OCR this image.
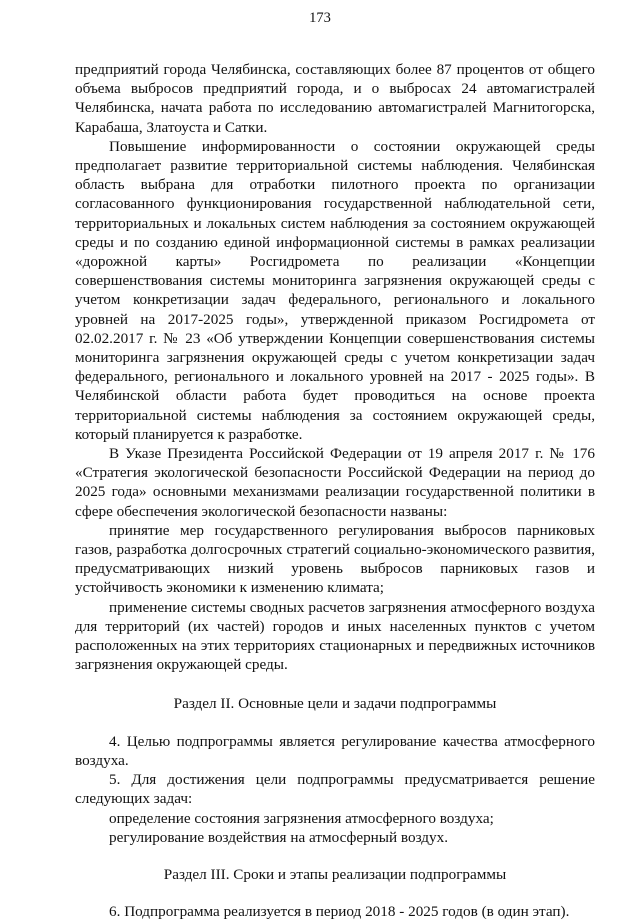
173

предприятий города Челябинска, составляющих более 87 процентов от общего объема выбросов предприятий города, и о выбросах 24 автомагистралей Челябинска, начата работа по исследованию автомагистралей Магнитогорска, Карабаша, Златоуста и Сатки.

Повышение информированности о состоянии окружающей среды предполагает развитие территориальной системы наблюдения. Челябинская область выбрана для отработки пилотного проекта по организации согласованного функционирования государственной наблюдательной сети, территориальных и локальных систем наблюдения за состоянием окружающей среды и по созданию единой информационной системы в рамках реализации «дорожной карты» Росгидромета по реализации «Концепции совершенствования системы мониторинга загрязнения окружающей среды с учетом конкретизации задач федерального, регионального и локального уровней на 2017-2025 годы», утвержденной приказом Росгидромета от 02.02.2017 г. № 23 «Об утверждении Концепции совершенствования системы мониторинга загрязнения окружающей среды с учетом конкретизации задач федерального, регионального и локального уровней на 2017 - 2025 годы». В Челябинской области работа будет проводиться на основе проекта территориальной системы наблюдения за состоянием окружающей среды, который планируется к разработке.

В Указе Президента Российской Федерации от 19 апреля 2017 г. № 176 «Стратегия экологической безопасности Российской Федерации на период до 2025 года» основными механизмами реализации государственной политики в сфере обеспечения экологической безопасности названы:

принятие мер государственного регулирования выбросов парниковых газов, разработка долгосрочных стратегий социально-экономического развития, предусматривающих низкий уровень выбросов парниковых газов и устойчивость экономики к изменению климата;

применение системы сводных расчетов загрязнения атмосферного воздуха для территорий (их частей) городов и иных населенных пунктов с учетом расположенных на этих территориях стационарных и передвижных источников загрязнения окружающей среды.

Раздел II. Основные цели и задачи подпрограммы

4. Целью подпрограммы является регулирование качества атмосферного воздуха.

5. Для достижения цели подпрограммы предусматривается решение следующих задач:

определение состояния загрязнения атмосферного воздуха;

регулирование воздействия на атмосферный воздух.

Раздел III. Сроки и этапы реализации подпрограммы

6. Подпрограмма реализуется в период 2018 - 2025 годов (в один этап).
